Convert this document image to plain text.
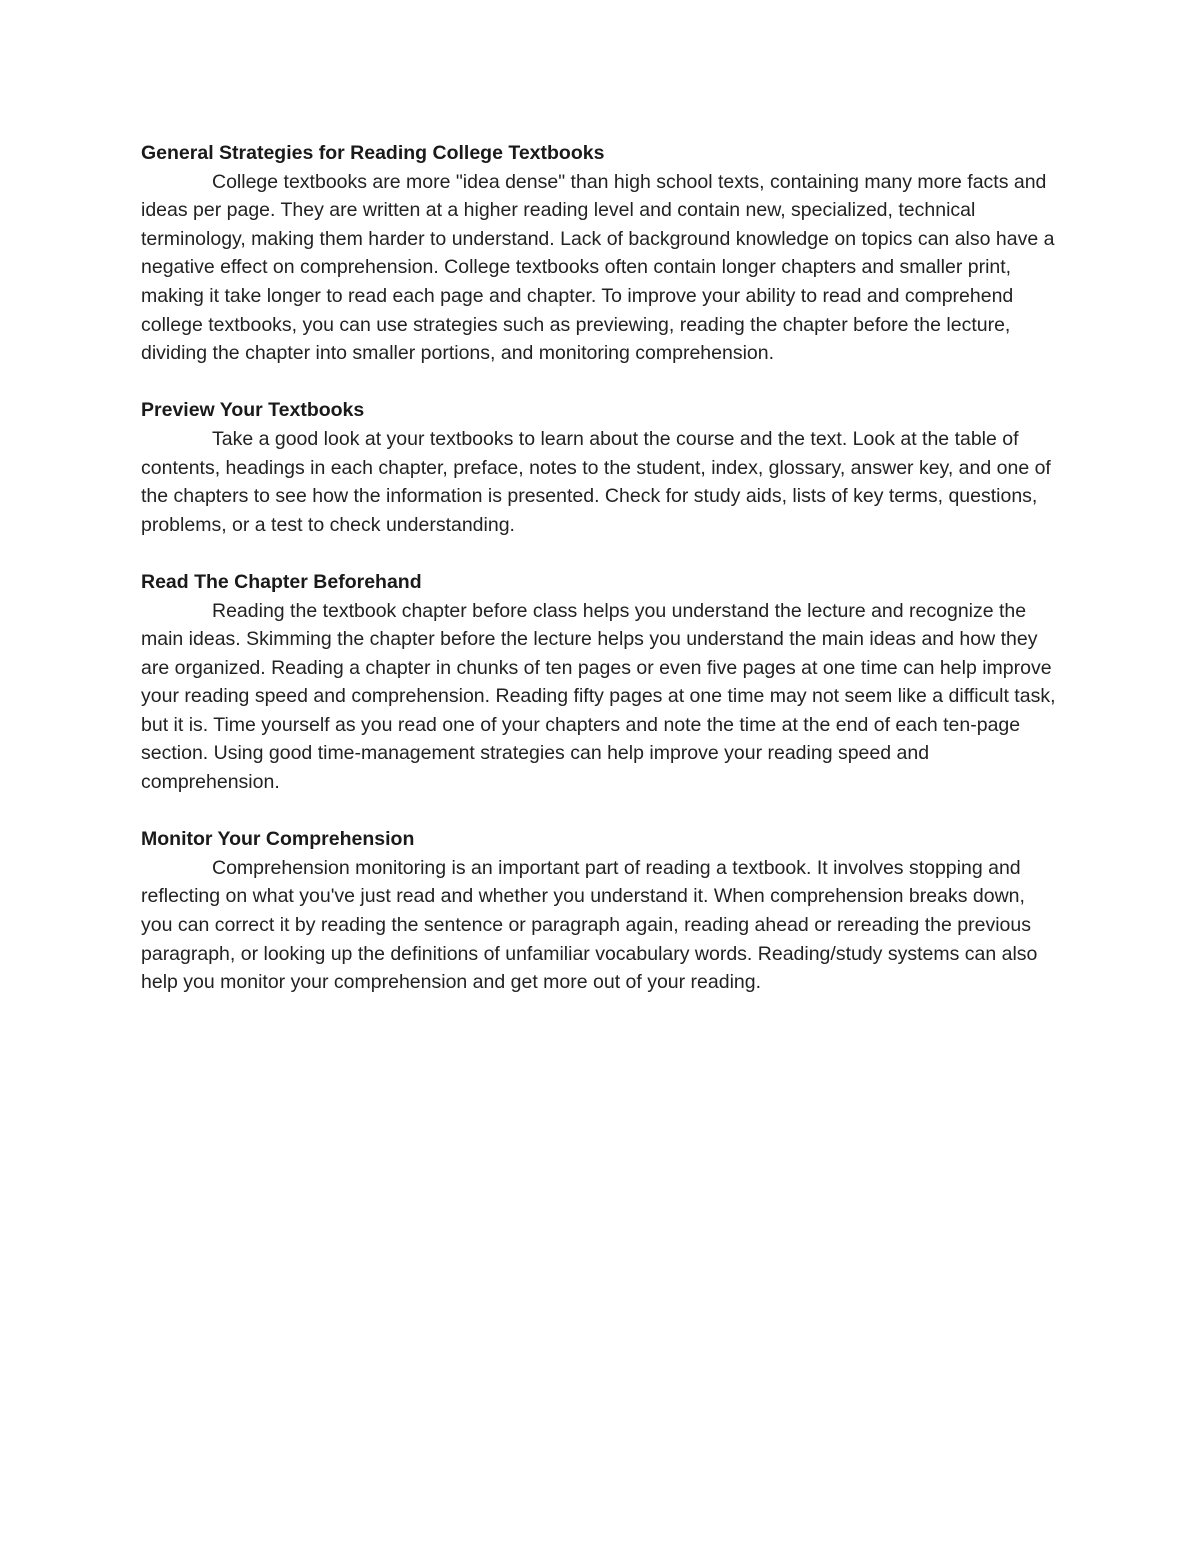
General Strategies for Reading College Textbooks

College textbooks are more "idea dense" than high school texts, containing many more facts and ideas per page. They are written at a higher reading level and contain new, specialized, technical terminology, making them harder to understand. Lack of background knowledge on topics can also have a negative effect on comprehension. College textbooks often contain longer chapters and smaller print, making it take longer to read each page and chapter. To improve your ability to read and comprehend college textbooks, you can use strategies such as previewing, reading the chapter before the lecture, dividing the chapter into smaller portions, and monitoring comprehension.

Preview Your Textbooks

Take a good look at your textbooks to learn about the course and the text. Look at the table of contents, headings in each chapter, preface, notes to the student, index, glossary, answer key, and one of the chapters to see how the information is presented. Check for study aids, lists of key terms, questions, problems, or a test to check understanding.

Read The Chapter Beforehand

Reading the textbook chapter before class helps you understand the lecture and recognize the main ideas. Skimming the chapter before the lecture helps you understand the main ideas and how they are organized. Reading a chapter in chunks of ten pages or even five pages at one time can help improve your reading speed and comprehension. Reading fifty pages at one time may not seem like a difficult task, but it is. Time yourself as you read one of your chapters and note the time at the end of each ten-page section. Using good time-management strategies can help improve your reading speed and comprehension.

Monitor Your Comprehension

Comprehension monitoring is an important part of reading a textbook. It involves stopping and reflecting on what you've just read and whether you understand it. When comprehension breaks down, you can correct it by reading the sentence or paragraph again, reading ahead or rereading the previous paragraph, or looking up the definitions of unfamiliar vocabulary words. Reading/study systems can also help you monitor your comprehension and get more out of your reading.
